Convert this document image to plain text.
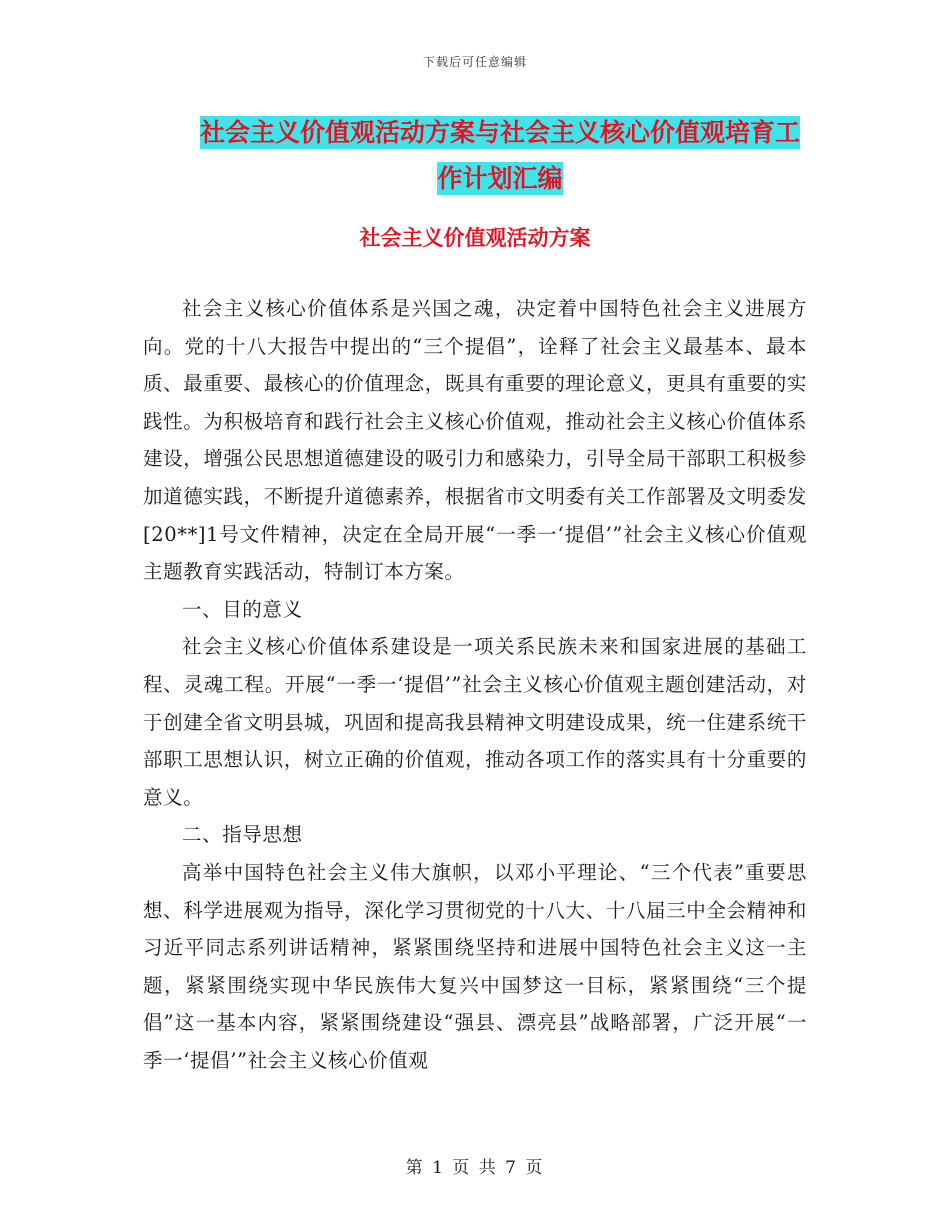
下载后可任意编辑
社会主义价值观活动方案与社会主义核心价值观培育工作计划汇编
社会主义价值观活动方案

社会主义核心价值体系是兴国之魂，决定着中国特色社会主义进展方向。党的十八大报告中提出的“三个提倡”，诠释了社会主义最基本、最本质、最重要、最核心的价值理念，既具有重要的理论意义，更具有重要的实践性。为积极培育和践行社会主义核心价值观，推动社会主义核心价值体系建设，增强公民思想道德建设的吸引力和感染力，引导全局干部职工积极参加道德实践，不断提升道德素养，根据省市文明委有关工作部署及文明委发[20**]1号文件精神，决定在全局开展“一季一‘提倡’”社会主义核心价值观主题教育实践活动，特制订本方案。

一、目的意义

社会主义核心价值体系建设是一项关系民族未来和国家进展的基础工程、灵魂工程。开展“一季一‘提倡’”社会主义核心价值观主题创建活动，对于创建全省文明县城，巩固和提高我县精神文明建设成果，统一住建系统干部职工思想认识，树立正确的价值观，推动各项工作的落实具有十分重要的意义。

二、指导思想

高举中国特色社会主义伟大旗帜，以邓小平理论、“三个代表”重要思想、科学进展观为指导，深化学习贯彻党的十八大、十八届三中全会精神和习近平同志系列讲话精神，紧紧围绕坚持和进展中国特色社会主义这一主题，紧紧围绕实现中华民族伟大复兴中国梦这一目标，紧紧围绕“三个提倡”这一基本内容，紧紧围绕建设“强县、漂亮县”战略部署，广泛开展“一季一‘提倡’”社会主义核心价值观

第 1 页 共 7 页
